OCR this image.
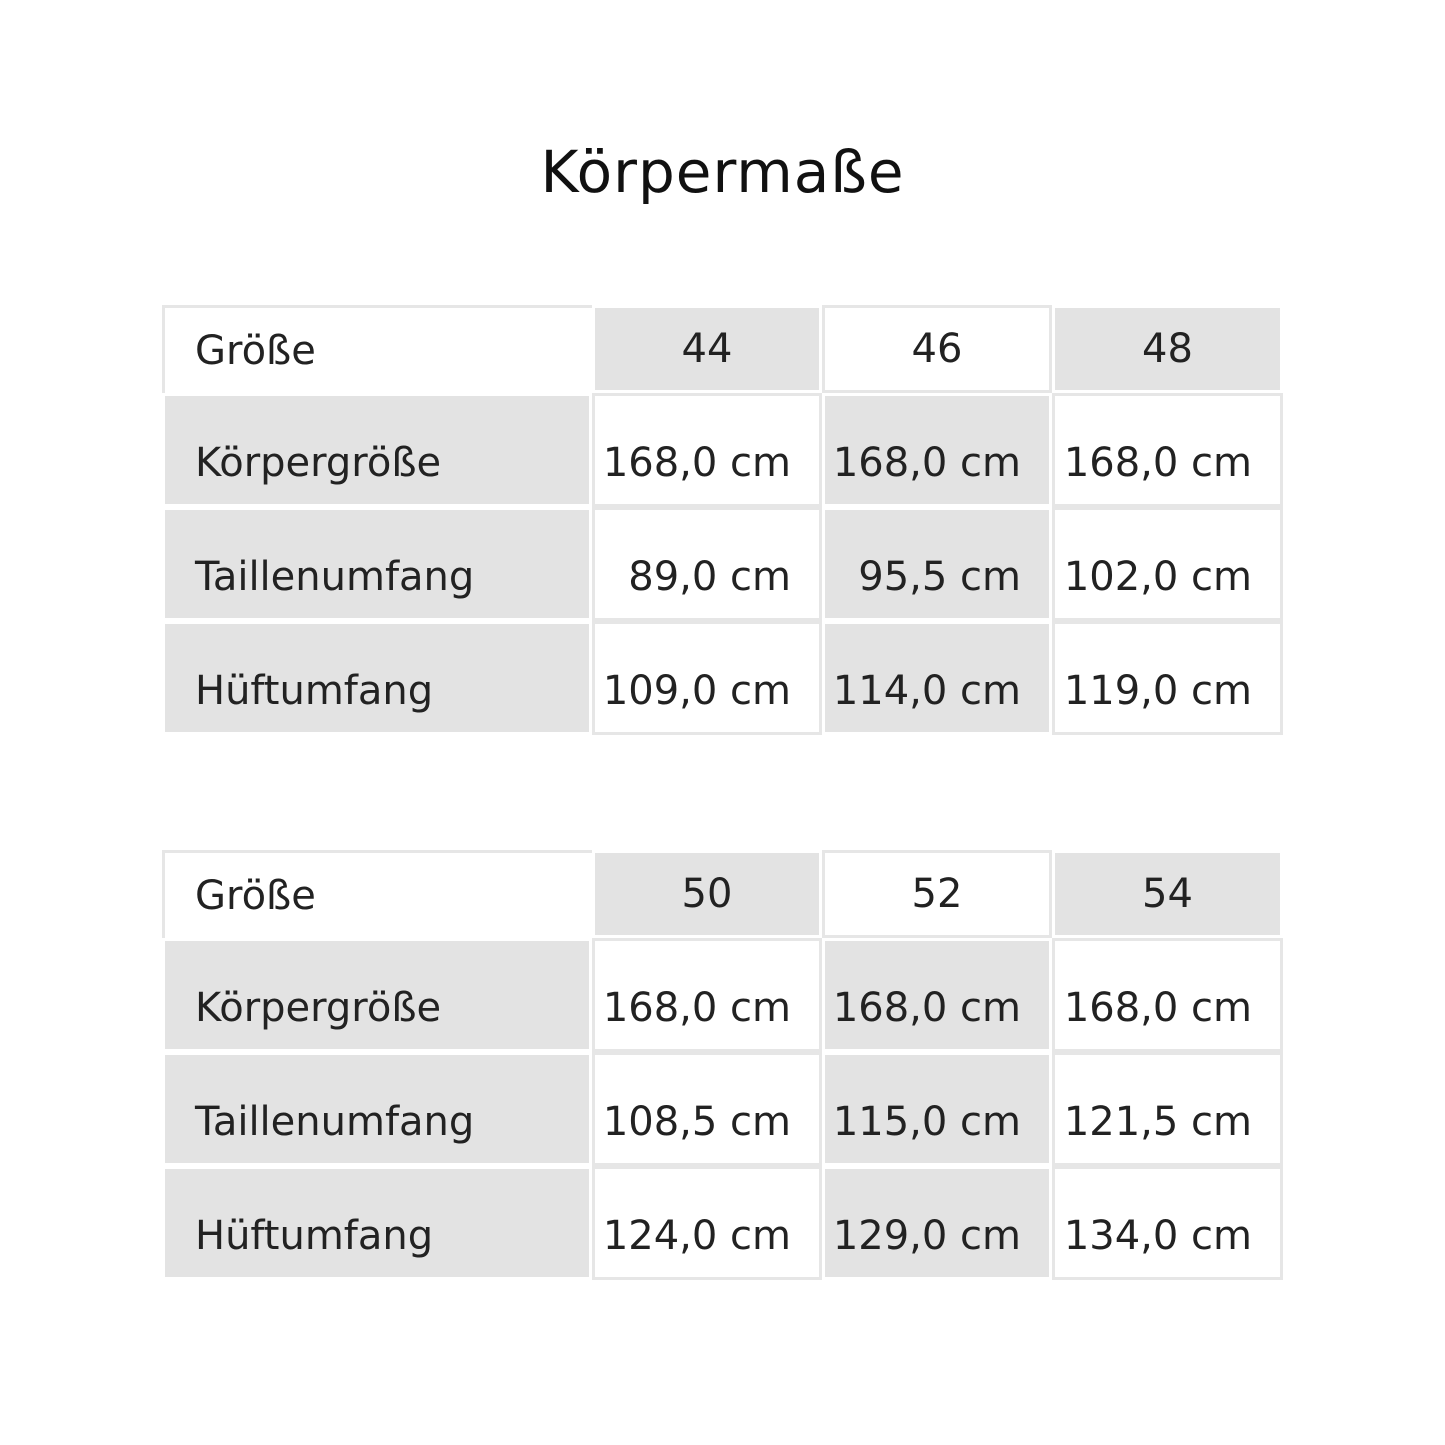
Körpermaße
Größe	44	46	48
Körpergröße	168,0 cm	168,0 cm	168,0 cm
Taillenumfang	89,0 cm	95,5 cm	102,0 cm
Hüftumfang	109,0 cm	114,0 cm	119,0 cm
Größe	50	52	54
Körpergröße	168,0 cm	168,0 cm	168,0 cm
Taillenumfang	108,5 cm	115,0 cm	121,5 cm
Hüftumfang	124,0 cm	129,0 cm	134,0 cm
